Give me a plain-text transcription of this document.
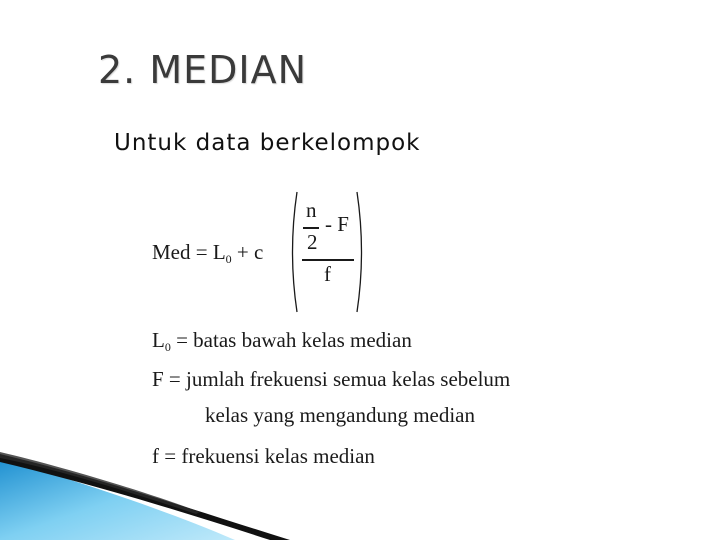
2. MEDIAN
Untuk data berkelompok
Med = $L_0 + c$
n
2
- F
f
$L_0$ = batas bawah kelas median
F = jumlah frekuensi semua kelas sebelum
kelas yang mengandung median
f = frekuensi kelas median
